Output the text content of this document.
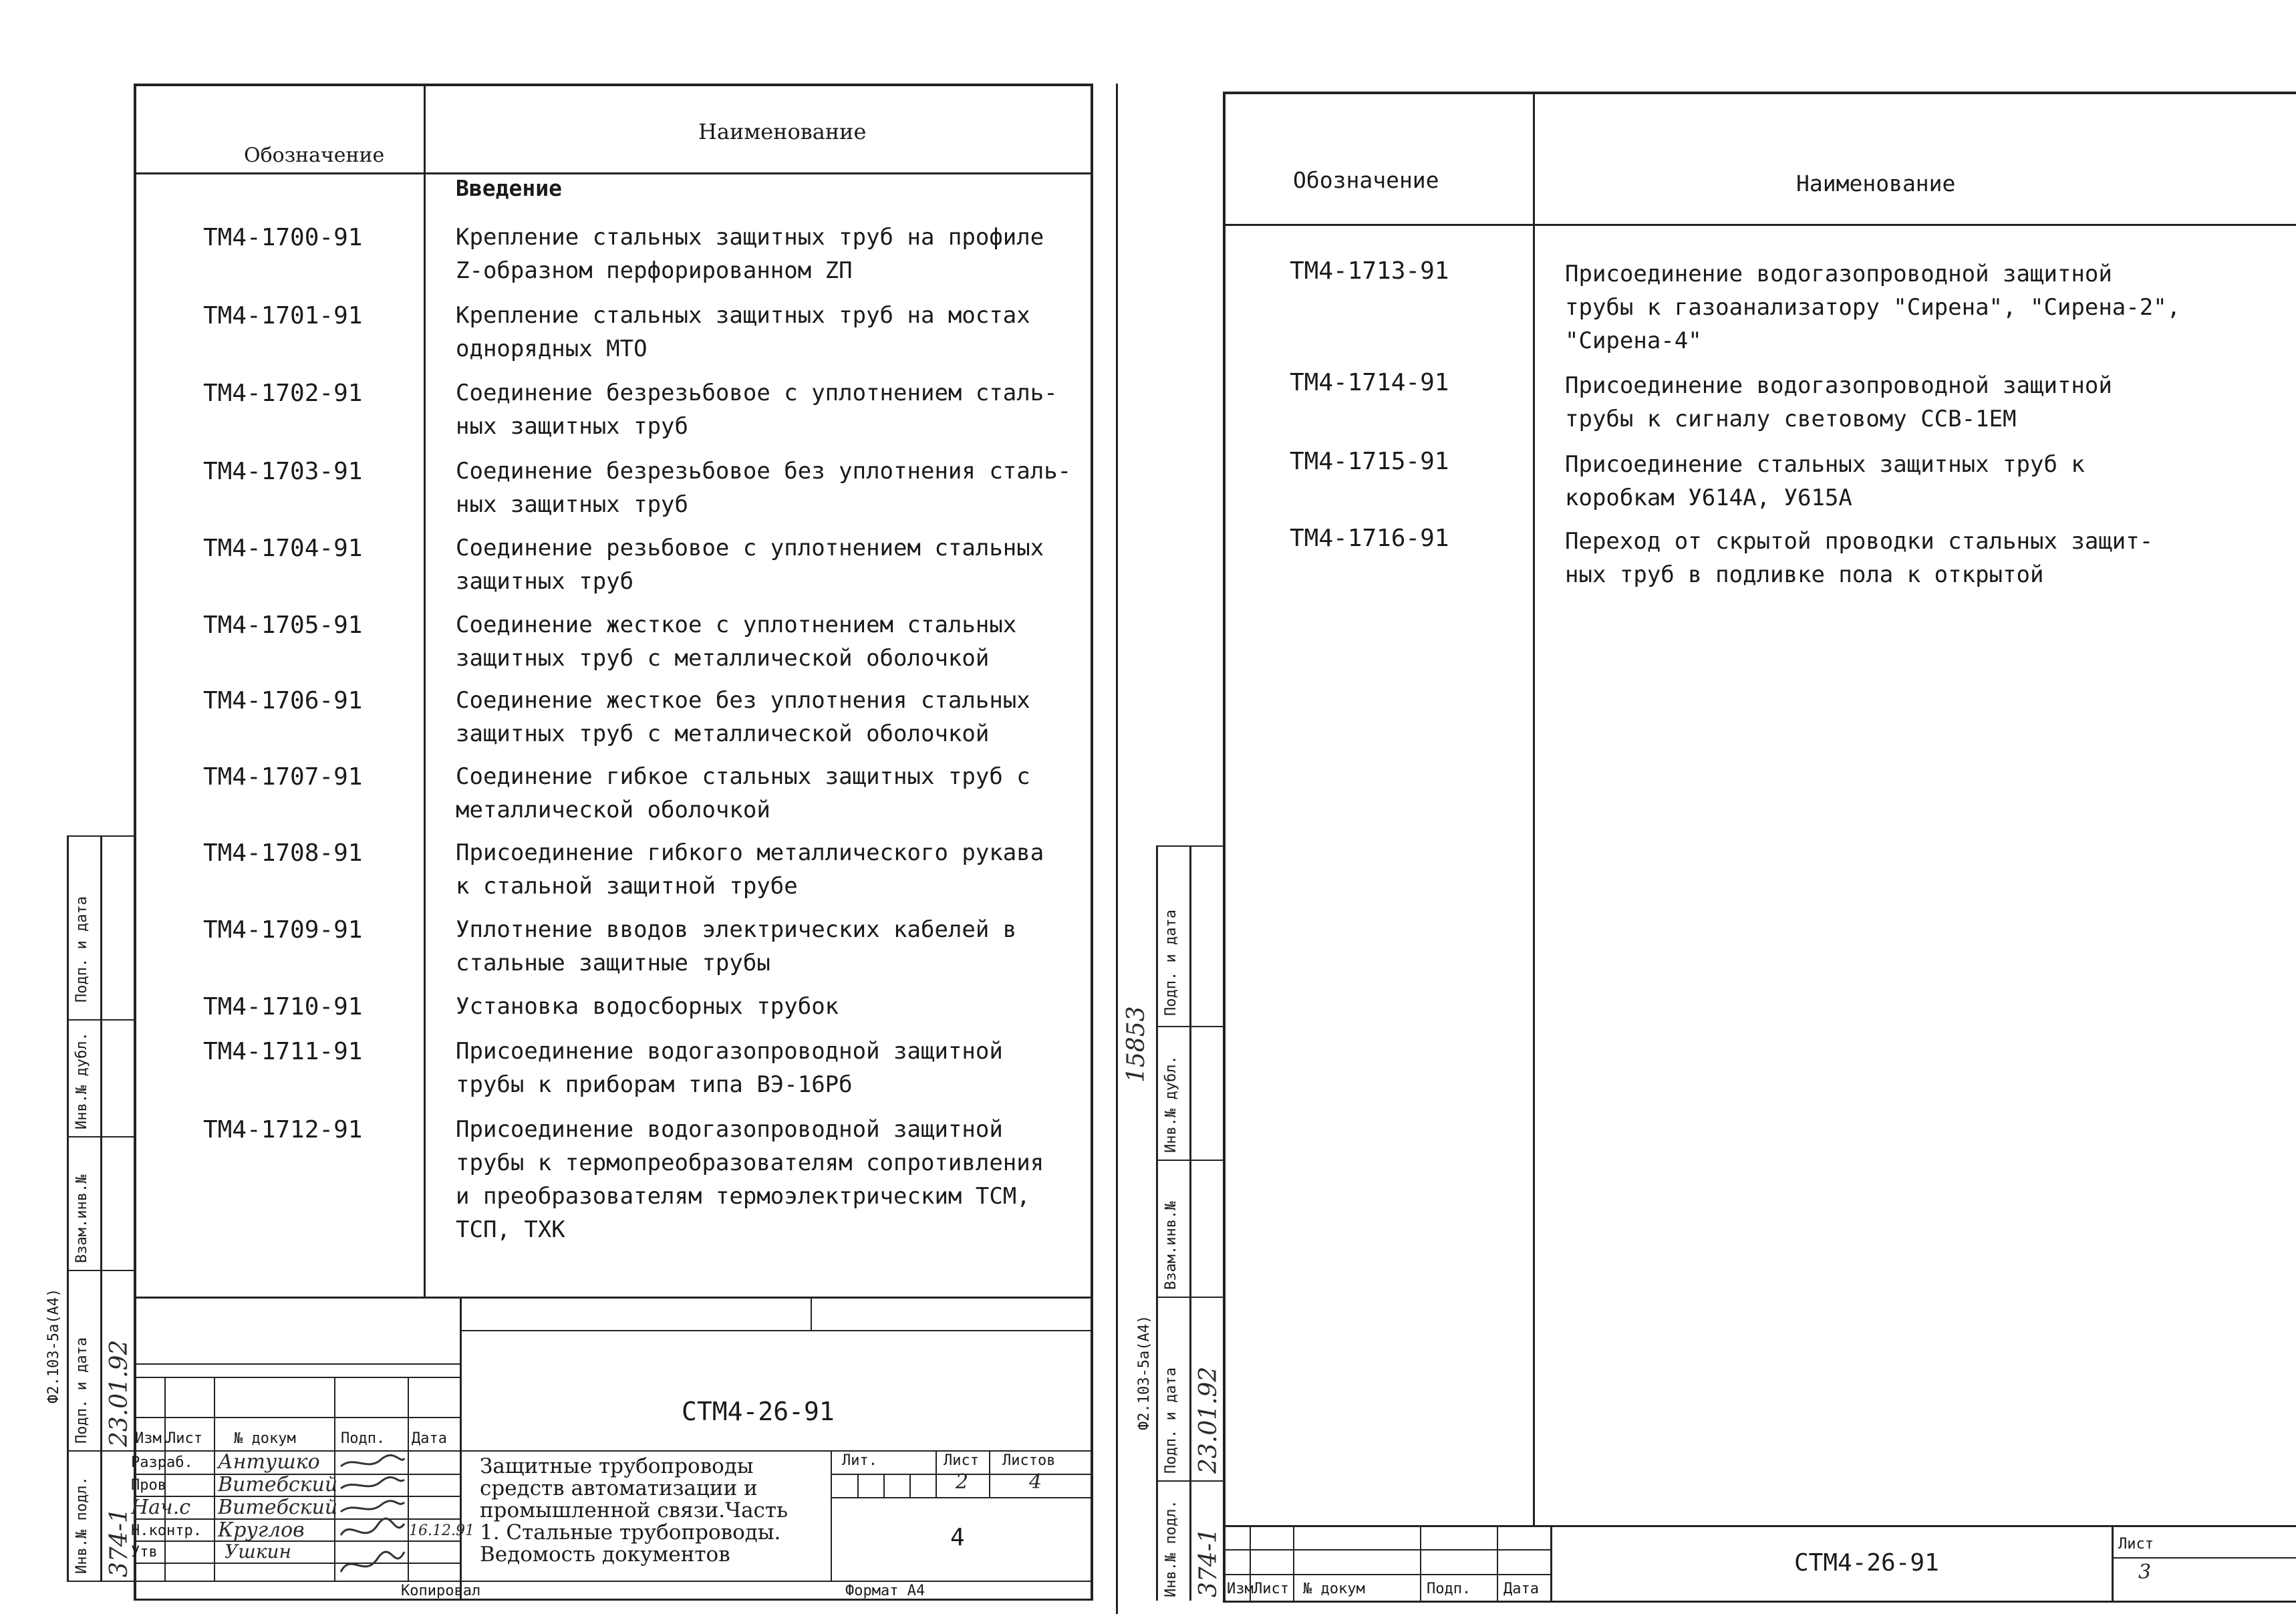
Обозначение
Наименование
Введение
ТМ4-1700-91	Крепление стальных защитных труб на профиле
Z-образном перфорированном ZП
ТМ4-1701-91	Крепление стальных защитных труб на мостах
однорядных МТО
ТМ4-1702-91	Соединение безрезьбовое с уплотнением сталь-
ных защитных труб
ТМ4-1703-91	Соединение безрезьбовое без уплотнения сталь-
ных защитных труб
ТМ4-1704-91	Соединение резьбовое с уплотнением стальных
защитных труб
ТМ4-1705-91	Соединение жесткое с уплотнением стальных
защитных труб с металлической оболочкой
ТМ4-1706-91	Соединение жесткое без уплотнения стальных
защитных труб с металлической оболочкой
ТМ4-1707-91	Соединение гибкое стальных защитных труб с
металлической оболочкой
ТМ4-1708-91	Присоединение гибкого металлического рукава
к стальной защитной трубе
ТМ4-1709-91	Уплотнение вводов электрических кабелей в
стальные защитные трубы
ТМ4-1710-91	Установка водосборных трубок
ТМ4-1711-91	Присоединение водогазопроводной защитной
трубы к приборам типа ВЭ-16Рб
ТМ4-1712-91	Присоединение водогазопроводной защитной
трубы к термопреобразователям сопротивления
и преобразователям термоэлектрическим ТСМ,
ТСП, ТХК
СТМ4-26-91
Защитные трубопроводы
средств автоматизации и
промышленной связи.Часть
1. Стальные трубопроводы.
Ведомость документов
Лит.	Лист Листов
2	4
4
Изм.
Лист № докум	Подп. Дата
Разраб. Антушко
Пров	Витебский
Нач.с Витебский
Н.контр. Круглов
Утв	Ушкин
16.12.91
Копировал	Формат А4
Подп. и дата
Инв.№ дубл.
Взам.инв.№
Подп. и дата
Инв.№ подл.
23.01.92
374-1
Ф2.103-5а(А4)
Обозначение	Наименование
ТМ4-1713-91	Присоединение водогазопроводной защитной
трубы к газоанализатору "Сирена", "Сирена-2",
"Сирена-4"
ТМ4-1714-91	Присоединение водогазопроводной защитной
трубы к сигналу световому ССВ-1ЕМ
ТМ4-1715-91	Присоединение стальных защитных труб к
коробкам У614А, У615А
ТМ4-1716-91	Переход от скрытой проводки стальных защит-
ных труб в подливке пола к открытой
СТМ4-26-91
Лист
3
Изм Лист № докум	Подп. Дата
Подп. и дата
Инв.№ дубл.
Взам.инв.№
Подп. и дата
Инв.№ подл.
23.01.92
374-1
Ф2.103-5а(А4)
15853
